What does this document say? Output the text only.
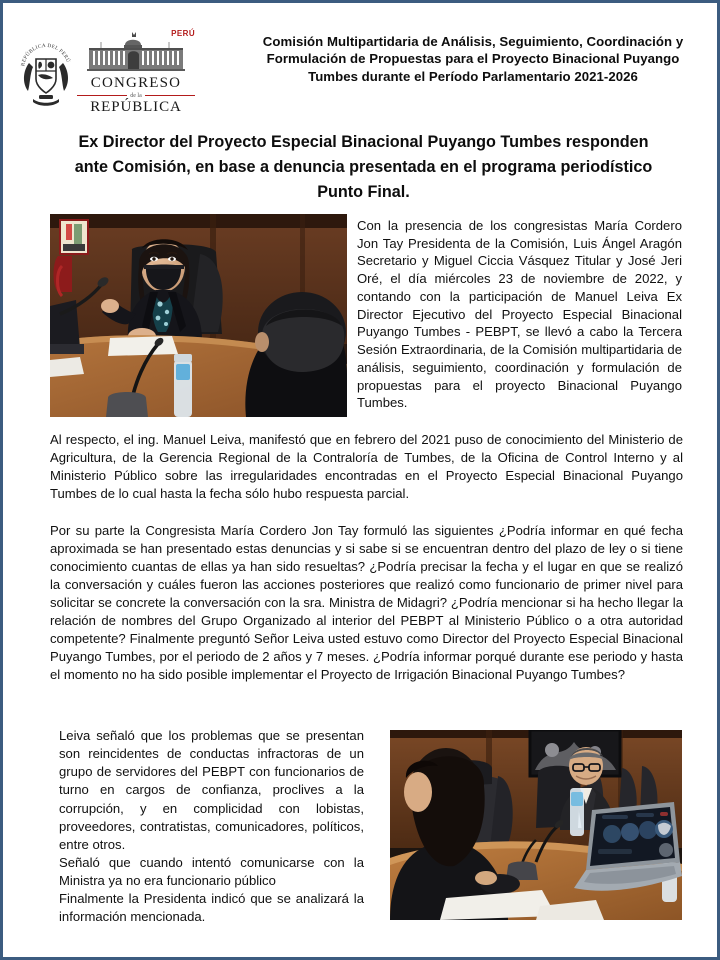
REPÚBLICA DEL PERÚ
PERÚ
CONGRESO
de la
REPÚBLICA
Comisión Multipartidaria de Análisis, Seguimiento, Coordinación y Formulación de Propuestas para el Proyecto Binacional Puyango Tumbes durante el Período Parlamentario 2021-2026
Ex Director del Proyecto Especial Binacional Puyango Tumbes responden ante Comisión, en base a denuncia presentada en el programa periodístico Punto Final.
Con la presencia de los congresistas María Cordero Jon Tay Presidenta de la Comisión, Luis Ángel Aragón Secretario y Miguel Ciccia Vásquez Titular y José Jeri Oré, el día miércoles 23 de noviembre de 2022, y contando con la participación de Manuel Leiva Ex Director Ejecutivo del Proyecto Especial Binacional Puyango Tumbes - PEBPT, se llevó a cabo la Tercera Sesión Extraordinaria, de la Comisión multipartidaria de análisis, seguimiento, coordinación y formulación de propuestas para el proyecto Binacional Puyango Tumbes.
Al respecto, el ing. Manuel Leiva, manifestó que en febrero del 2021 puso de conocimiento del Ministerio de Agricultura, de la Gerencia Regional de la Contraloría de Tumbes, de la Oficina de Control Interno y al Ministerio Público sobre las irregularidades encontradas en el Proyecto Especial Binacional Puyango Tumbes de lo cual hasta la fecha sólo hubo respuesta parcial.
Por su parte la Congresista María Cordero Jon Tay formuló las siguientes ¿Podría informar en qué fecha aproximada se han presentado estas denuncias y si sabe si se encuentran dentro del plazo de ley o si tiene conocimiento cuantas de ellas ya han sido resueltas? ¿Podría precisar la fecha y el lugar en que se realizó la conversación y cuáles fueron las acciones posteriores que realizó como funcionario de primer nivel para solicitar se concrete la conversación con la sra. Ministra de Midagri? ¿Podría mencionar si ha hecho llegar la relación de nombres del Grupo Organizado al interior del PEBPT al Ministerio Público o a otra autoridad competente? Finalmente preguntó Señor Leiva usted estuvo como Director del Proyecto Especial Binacional Puyango Tumbes, por el periodo de 2 años y 7 meses. ¿Podría informar porqué durante ese periodo y hasta el momento no ha sido posible implementar el Proyecto de Irrigación Binacional Puyango Tumbes?

Leiva señaló que los problemas que se presentan son reincidentes de conductas infractoras de un grupo de servidores del PEBPT con funcionarios de turno en cargos de confianza, proclives a la corrupción, y en complicidad con lobistas, proveedores, contratistas, comunicadores, políticos, entre otros.

Señaló que cuando intentó comunicarse con la Ministra ya no era funcionario público

Finalmente la Presidenta indicó que se analizará la información mencionada.
